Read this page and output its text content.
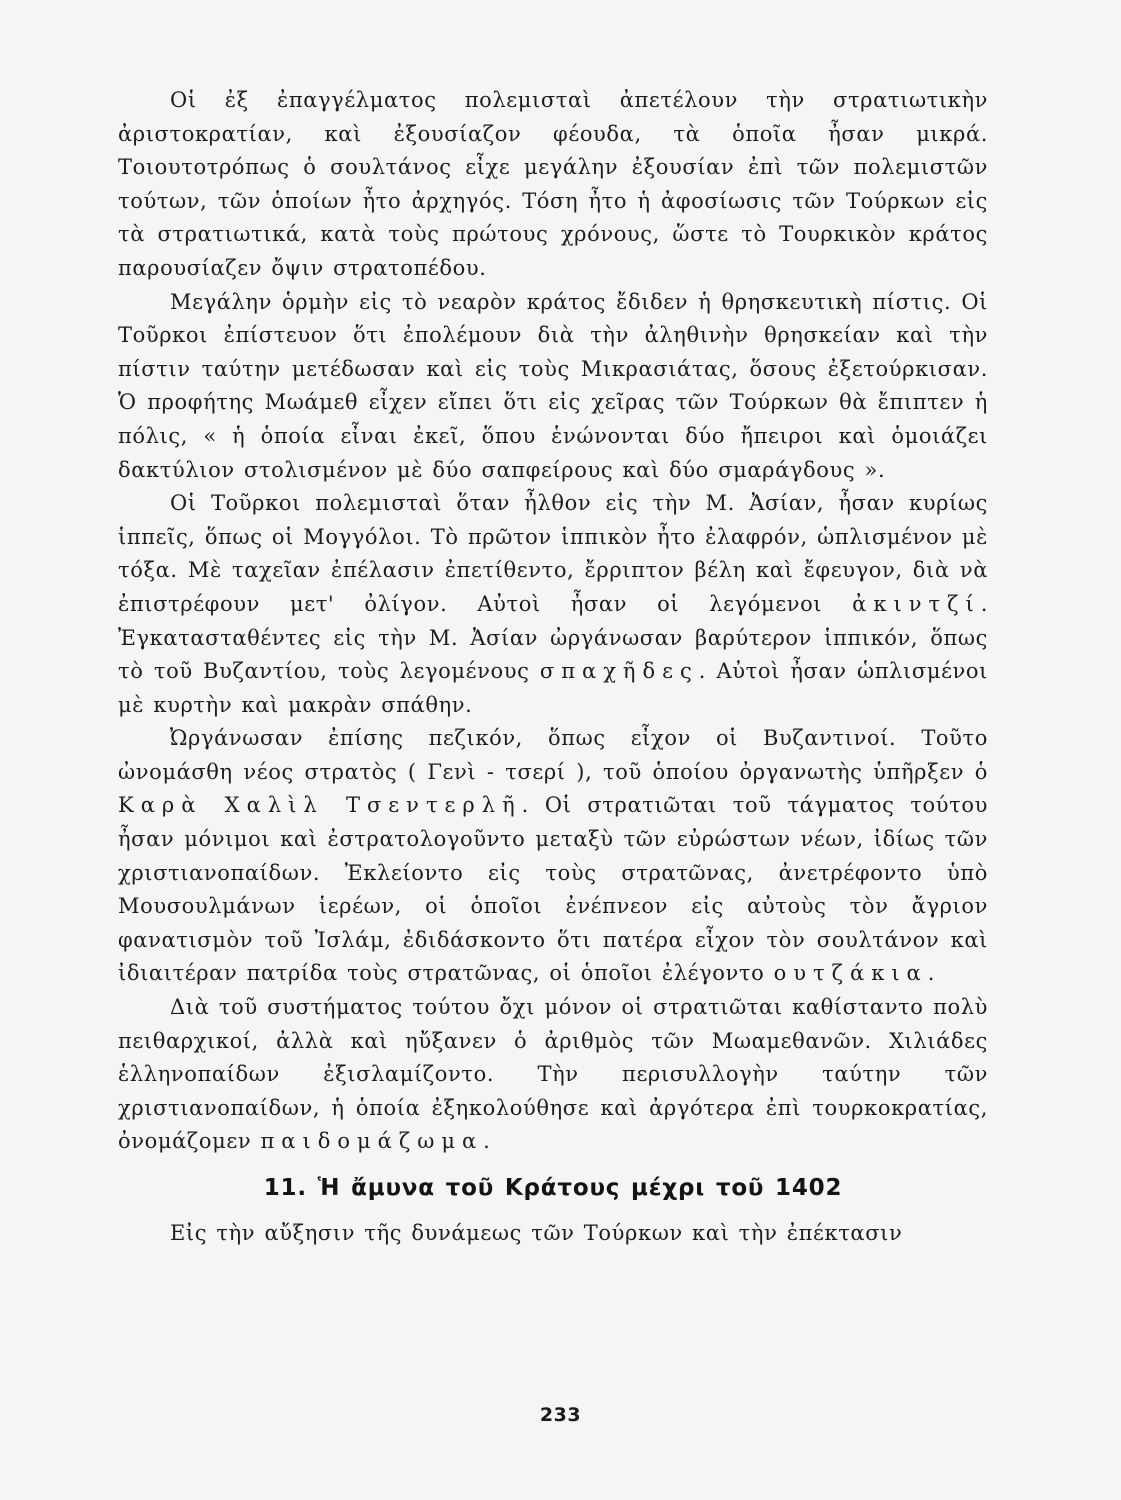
Οἱ ἐξ ἐπαγγέλματος πολεμισταὶ ἀπετέλουν τὴν στρατιωτικὴν ἀριστοκρατίαν, καὶ ἐξουσίαζον φέουδα, τὰ ὁποῖα ἦσαν μικρά. Τοιουτοτρόπως ὁ σουλτάνος εἶχε μεγάλην ἐξουσίαν ἐπὶ τῶν πολεμιστῶν τούτων, τῶν ὁποίων ἦτο ἀρχηγός. Τόση ἦτο ἡ ἀφοσίωσις τῶν Τούρκων εἰς τὰ στρατιωτικά, κατὰ τοὺς πρώτους χρόνους, ὥστε τὸ Τουρκικὸν κράτος παρουσίαζεν ὄψιν στρατοπέδου.

Μεγάλην ὁρμὴν εἰς τὸ νεαρὸν κράτος ἔδιδεν ἡ θρησκευτικὴ πίστις. Οἱ Τοῦρκοι ἐπίστευον ὅτι ἐπολέμουν διὰ τὴν ἀληθινὴν θρησκείαν καὶ τὴν πίστιν ταύτην μετέδωσαν καὶ εἰς τοὺς Μικρασιάτας, ὅσους ἐξετούρκισαν. Ὁ προφήτης Μωάμεθ εἶχεν εἴπει ὅτι εἰς χεῖρας τῶν Τούρκων θὰ ἔπιπτεν ἡ πόλις, « ἡ ὁποία εἶναι ἐκεῖ, ὅπου ἑνώνονται δύο ἤπειροι καὶ ὁμοιάζει δακτύλιον στολισμένον μὲ δύο σαπφείρους καὶ δύο σμαράγδους ».

Οἱ Τοῦρκοι πολεμισταὶ ὅταν ἦλθον εἰς τὴν Μ. Ἀσίαν, ἦσαν κυρίως ἱππεῖς, ὅπως οἱ Μογγόλοι. Τὸ πρῶτον ἱππικὸν ἦτο ἐλαφρόν, ὡπλισμένον μὲ τόξα. Μὲ ταχεῖαν ἐπέλασιν ἐπετίθεντο, ἔρριπτον βέλη καὶ ἔφευγον, διὰ νὰ ἐπιστρέφουν μετ' ὀλίγον. Αὐτοὶ ἦσαν οἱ λεγόμενοι ἀκιντζί. Ἐγκατασταθέντες εἰς τὴν Μ. Ἀσίαν ὠργάνωσαν βαρύτερον ἱππικόν, ὅπως τὸ τοῦ Βυζαντίου, τοὺς λεγομένους σπαχῆδες. Αὐτοὶ ἦσαν ὡπλισμένοι μὲ κυρτὴν καὶ μακρὰν σπάθην.

Ὠργάνωσαν ἐπίσης πεζικόν, ὅπως εἶχον οἱ Βυζαντινοί. Τοῦτο ὠνομάσθη νέος στρατὸς ( Γενὶ - τσερί ), τοῦ ὁποίου ὀργανωτὴς ὑπῆρξεν ὁ Καρὰ Χαλὶλ Τσεντερλῆ. Οἱ στρατιῶται τοῦ τάγματος τούτου ἦσαν μόνιμοι καὶ ἐστρατολογοῦντο μεταξὺ τῶν εὐρώστων νέων, ἰδίως τῶν χριστιανοπαίδων. Ἐκλείοντο εἰς τοὺς στρατῶνας, ἀνετρέφοντο ὑπὸ Μουσουλμάνων ἱερέων, οἱ ὁποῖοι ἐνέπνεον εἰς αὐτοὺς τὸν ἄγριον φανατισμὸν τοῦ Ἰσλάμ, ἐδιδάσκοντο ὅτι πατέρα εἶχον τὸν σουλτάνον καὶ ἰδιαιτέραν πατρίδα τοὺς στρατῶνας, οἱ ὁποῖοι ἐλέγοντο ουτζάκια.

Διὰ τοῦ συστήματος τούτου ὄχι μόνον οἱ στρατιῶται καθίσταντο πολὺ πειθαρχικοί, ἀλλὰ καὶ ηὔξανεν ὁ ἀριθμὸς τῶν Μωαμεθανῶν. Χιλιάδες ἑλληνοπαίδων ἐξισλαμίζοντο. Τὴν περισυλλογὴν ταύτην τῶν χριστιανοπαίδων, ἡ ὁποία ἐξηκολούθησε καὶ ἀργότερα ἐπὶ τουρκοκρατίας, ὀνομάζομεν παιδομάζωμα.

11. Ἡ ἄμυνα τοῦ Κράτους μέχρι τοῦ 1402

Εἰς τὴν αὔξησιν τῆς δυνάμεως τῶν Τούρκων καὶ τὴν ἐπέκτασιν

233
